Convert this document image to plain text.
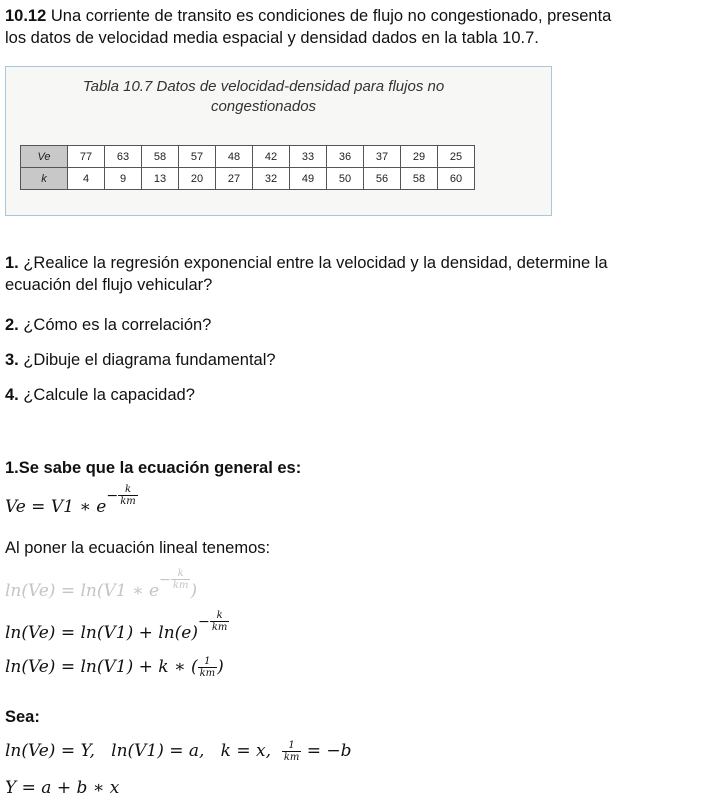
10.12 Una corriente de transito es condiciones de flujo no congestionado, presenta
los datos de velocidad media espacial y densidad dados en la tabla 10.7.
Tabla 10.7 Datos de velocidad-densidad para flujos no
congestionados
Ve	77	63	58	57	48	42	33	36	37	29	25
k	4	9	13	20	27	32	49	50	56	58	60
1. ¿Realice la regresión exponencial entre la velocidad y la densidad, determine la
ecuación del flujo vehicular?
2. ¿Cómo es la correlación?
3. ¿Dibuje el diagrama fundamental?
4. ¿Calcule la capacidad?
1.Se sabe que la ecuación general es:
Ve = V1 ∗ $e^{- \frac{k}{km}}$
Al poner la ecuación lineal tenemos:
ln(Ve) = ln(V1 ∗ $e^{- \frac{k}{km}}$
)
$\ln(Ve) = \ln(V1) + \ln(e)^{- \frac{k}{km}}$
ln(Ve) = ln(V1) + k ∗ ( $\frac{1}{km}$ )
Sea:
ln(Ve) = Y,   ln(V1) = a,   k = x, $\frac{1}{km} = -b$
Y = a + b ∗ x
